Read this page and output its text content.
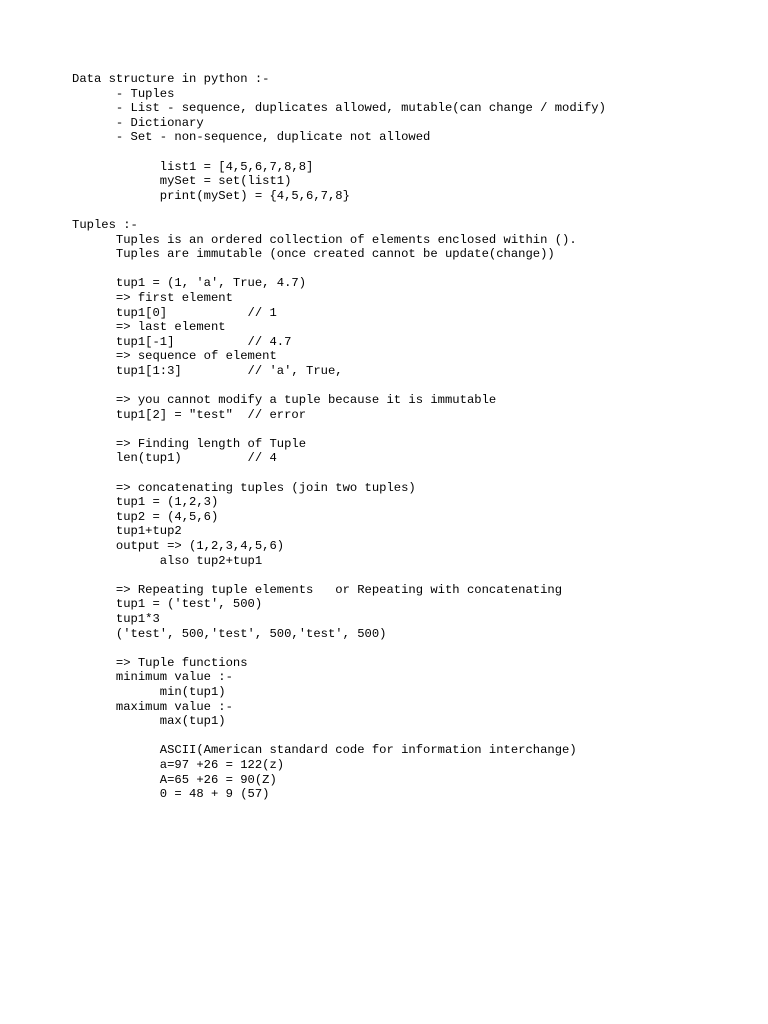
Data structure in python :-
- Tuples
- List - sequence, duplicates allowed, mutable(can change / modify)
- Dictionary
- Set - non-sequence, duplicate not allowed
list1 = [4,5,6,7,8,8]
mySet = set(list1)
print(mySet) = {4,5,6,7,8}
Tuples :-
Tuples is an ordered collection of elements enclosed within ().
Tuples are immutable (once created cannot be update(change))
tup1 = (1, 'a', True, 4.7)
=> first element
tup1[0]           // 1
=> last element
tup1[-1]          // 4.7
=> sequence of element
tup1[1:3]         // 'a', True,
=> you cannot modify a tuple because it is immutable
tup1[2] = "test"  // error
=> Finding length of Tuple
len(tup1)         // 4
=> concatenating tuples (join two tuples)
tup1 = (1,2,3)
tup2 = (4,5,6)
tup1+tup2
output => (1,2,3,4,5,6)
also tup2+tup1
=> Repeating tuple elements   or Repeating with concatenating
tup1 = ('test', 500)
tup1*3
('test', 500,'test', 500,'test', 500)
=> Tuple functions
minimum value :-
min(tup1)
maximum value :-
max(tup1)
ASCII(American standard code for information interchange)
a=97 +26 = 122(z)
A=65 +26 = 90(Z)
0 = 48 + 9 (57)
